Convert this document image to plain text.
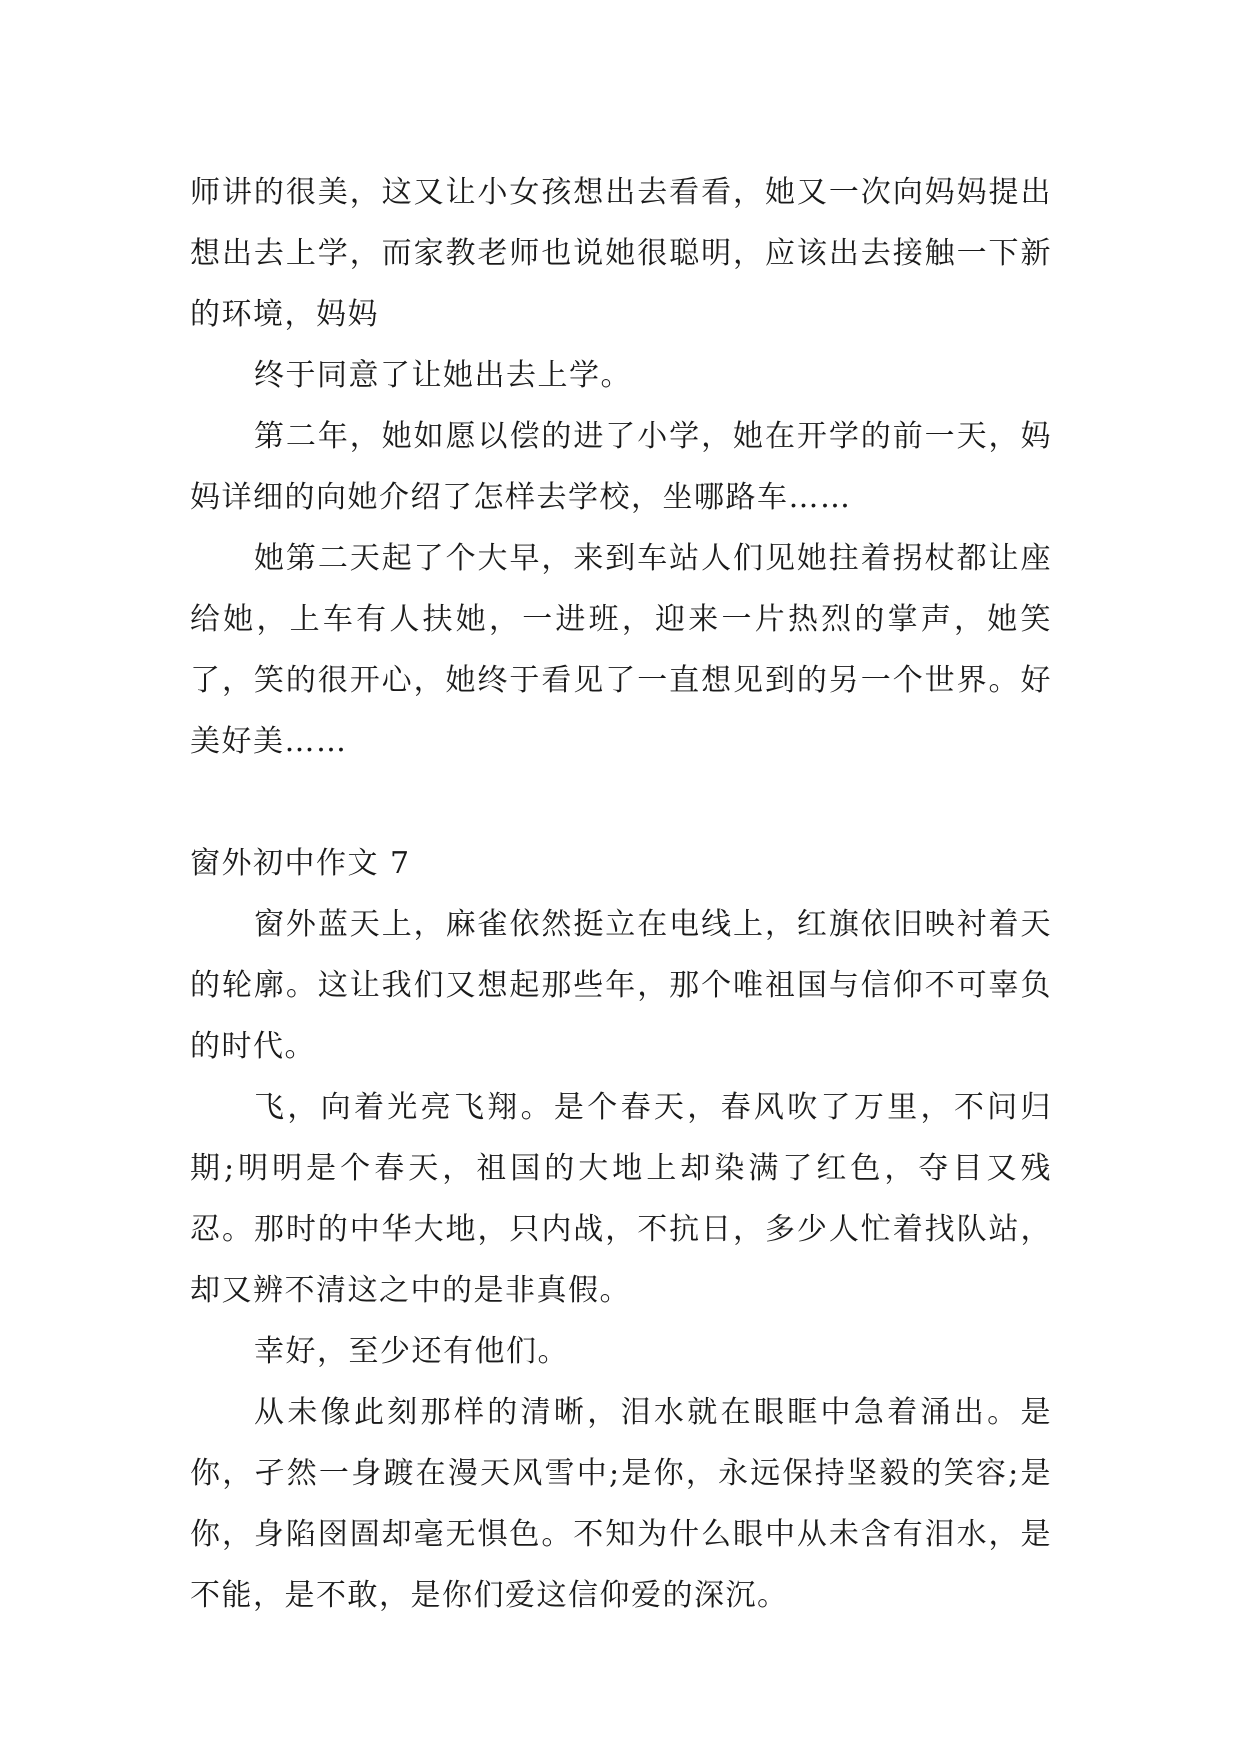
师讲的很美，这又让小女孩想出去看看，她又一次向妈妈提出想出去上学，而家教老师也说她很聪明，应该出去接触一下新的环境，妈妈

终于同意了让她出去上学。

第二年，她如愿以偿的进了小学，她在开学的前一天，妈妈详细的向她介绍了怎样去学校，坐哪路车……

她第二天起了个大早，来到车站人们见她拄着拐杖都让座给她，上车有人扶她，一进班，迎来一片热烈的掌声，她笑了，笑的很开心，她终于看见了一直想见到的另一个世界。好美好美……

窗外初中作文 7

窗外蓝天上，麻雀依然挺立在电线上，红旗依旧映衬着天的轮廓。这让我们又想起那些年，那个唯祖国与信仰不可辜负的时代。

飞，向着光亮飞翔。是个春天，春风吹了万里，不问归期;明明是个春天，祖国的大地上却染满了红色，夺目又残忍。那时的中华大地，只内战，不抗日，多少人忙着找队站，却又辨不清这之中的是非真假。

幸好，至少还有他们。

从未像此刻那样的清晰，泪水就在眼眶中急着涌出。是你，孑然一身踱在漫天风雪中;是你，永远保持坚毅的笑容;是你，身陷囹圄却毫无惧色。不知为什么眼中从未含有泪水，是不能，是不敢，是你们爱这信仰爱的深沉。
